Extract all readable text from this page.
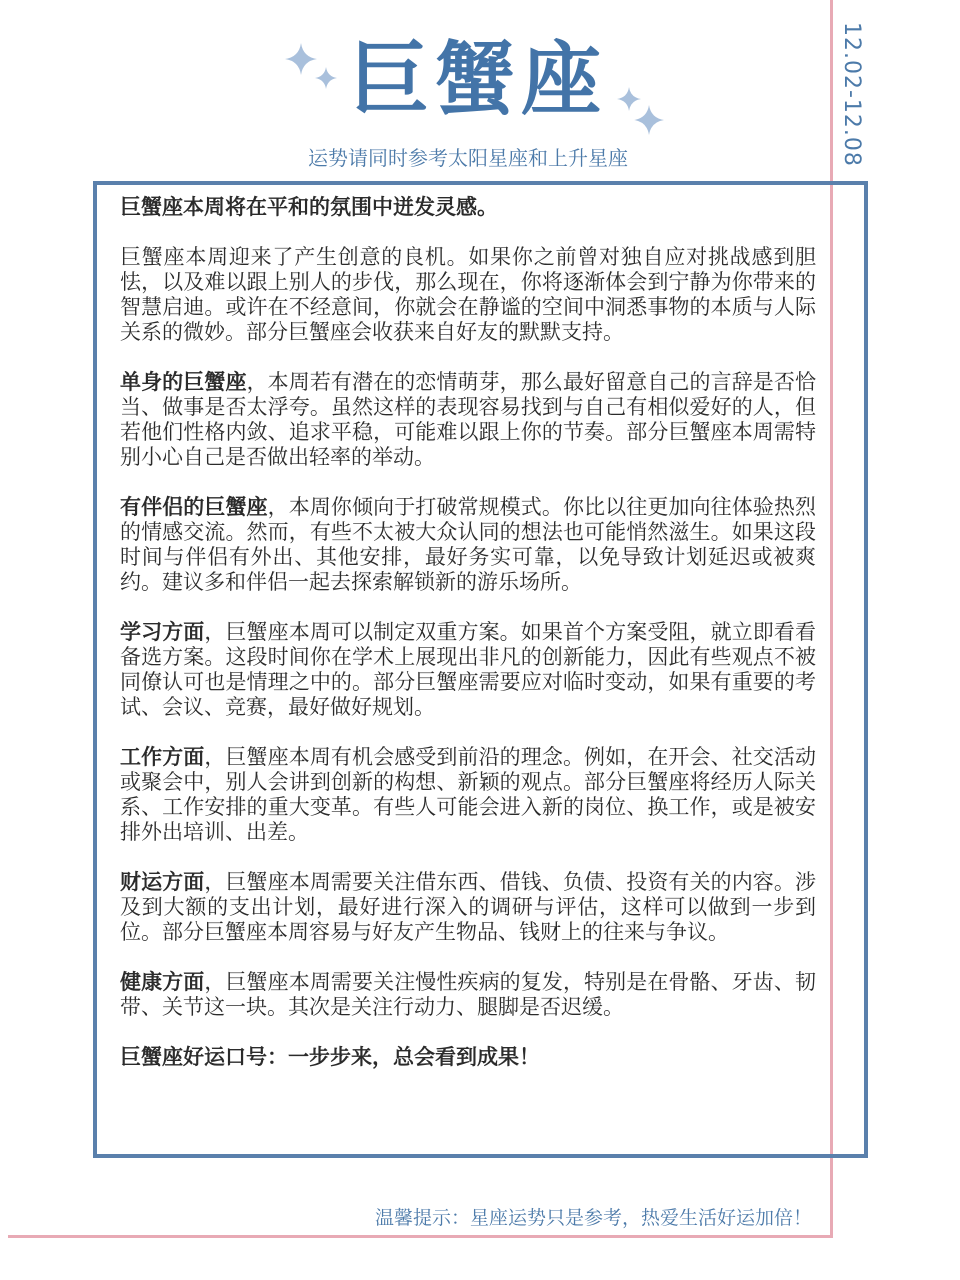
12.02-12.08
巨蟹座
运势请同时参考太阳星座和上升星座

巨蟹座本周将在平和的氛围中迸发灵感。

巨蟹座本周迎来了产生创意的良机。如果你之前曾对独自应对挑战感到胆怯，以及难以跟上别人的步伐，那么现在，你将逐渐体会到宁静为你带来的智慧启迪。或许在不经意间，你就会在静谧的空间中洞悉事物的本质与人际关系的微妙。部分巨蟹座会收获来自好友的默默支持。

单身的巨蟹座，本周若有潜在的恋情萌芽，那么最好留意自己的言辞是否恰当、做事是否太浮夸。虽然这样的表现容易找到与自己有相似爱好的人，但若他们性格内敛、追求平稳，可能难以跟上你的节奏。部分巨蟹座本周需特别小心自己是否做出轻率的举动。

有伴侣的巨蟹座，本周你倾向于打破常规模式。你比以往更加向往体验热烈的情感交流。然而，有些不太被大众认同的想法也可能悄然滋生。如果这段时间与伴侣有外出、其他安排，最好务实可靠，以免导致计划延迟或被爽约。建议多和伴侣一起去探索解锁新的游乐场所。

学习方面，巨蟹座本周可以制定双重方案。如果首个方案受阻，就立即看看备选方案。这段时间你在学术上展现出非凡的创新能力，因此有些观点不被同僚认可也是情理之中的。部分巨蟹座需要应对临时变动，如果有重要的考试、会议、竞赛，最好做好规划。

工作方面，巨蟹座本周有机会感受到前沿的理念。例如，在开会、社交活动或聚会中，别人会讲到创新的构想、新颖的观点。部分巨蟹座将经历人际关系、工作安排的重大变革。有些人可能会进入新的岗位、换工作，或是被安排外出培训、出差。

财运方面，巨蟹座本周需要关注借东西、借钱、负债、投资有关的内容。涉及到大额的支出计划，最好进行深入的调研与评估，这样可以做到一步到位。部分巨蟹座本周容易与好友产生物品、钱财上的往来与争议。

健康方面，巨蟹座本周需要关注慢性疾病的复发，特别是在骨骼、牙齿、韧带、关节这一块。其次是关注行动力、腿脚是否迟缓。

巨蟹座好运口号：一步步来，总会看到成果！

温馨提示：星座运势只是参考，热爱生活好运加倍！
